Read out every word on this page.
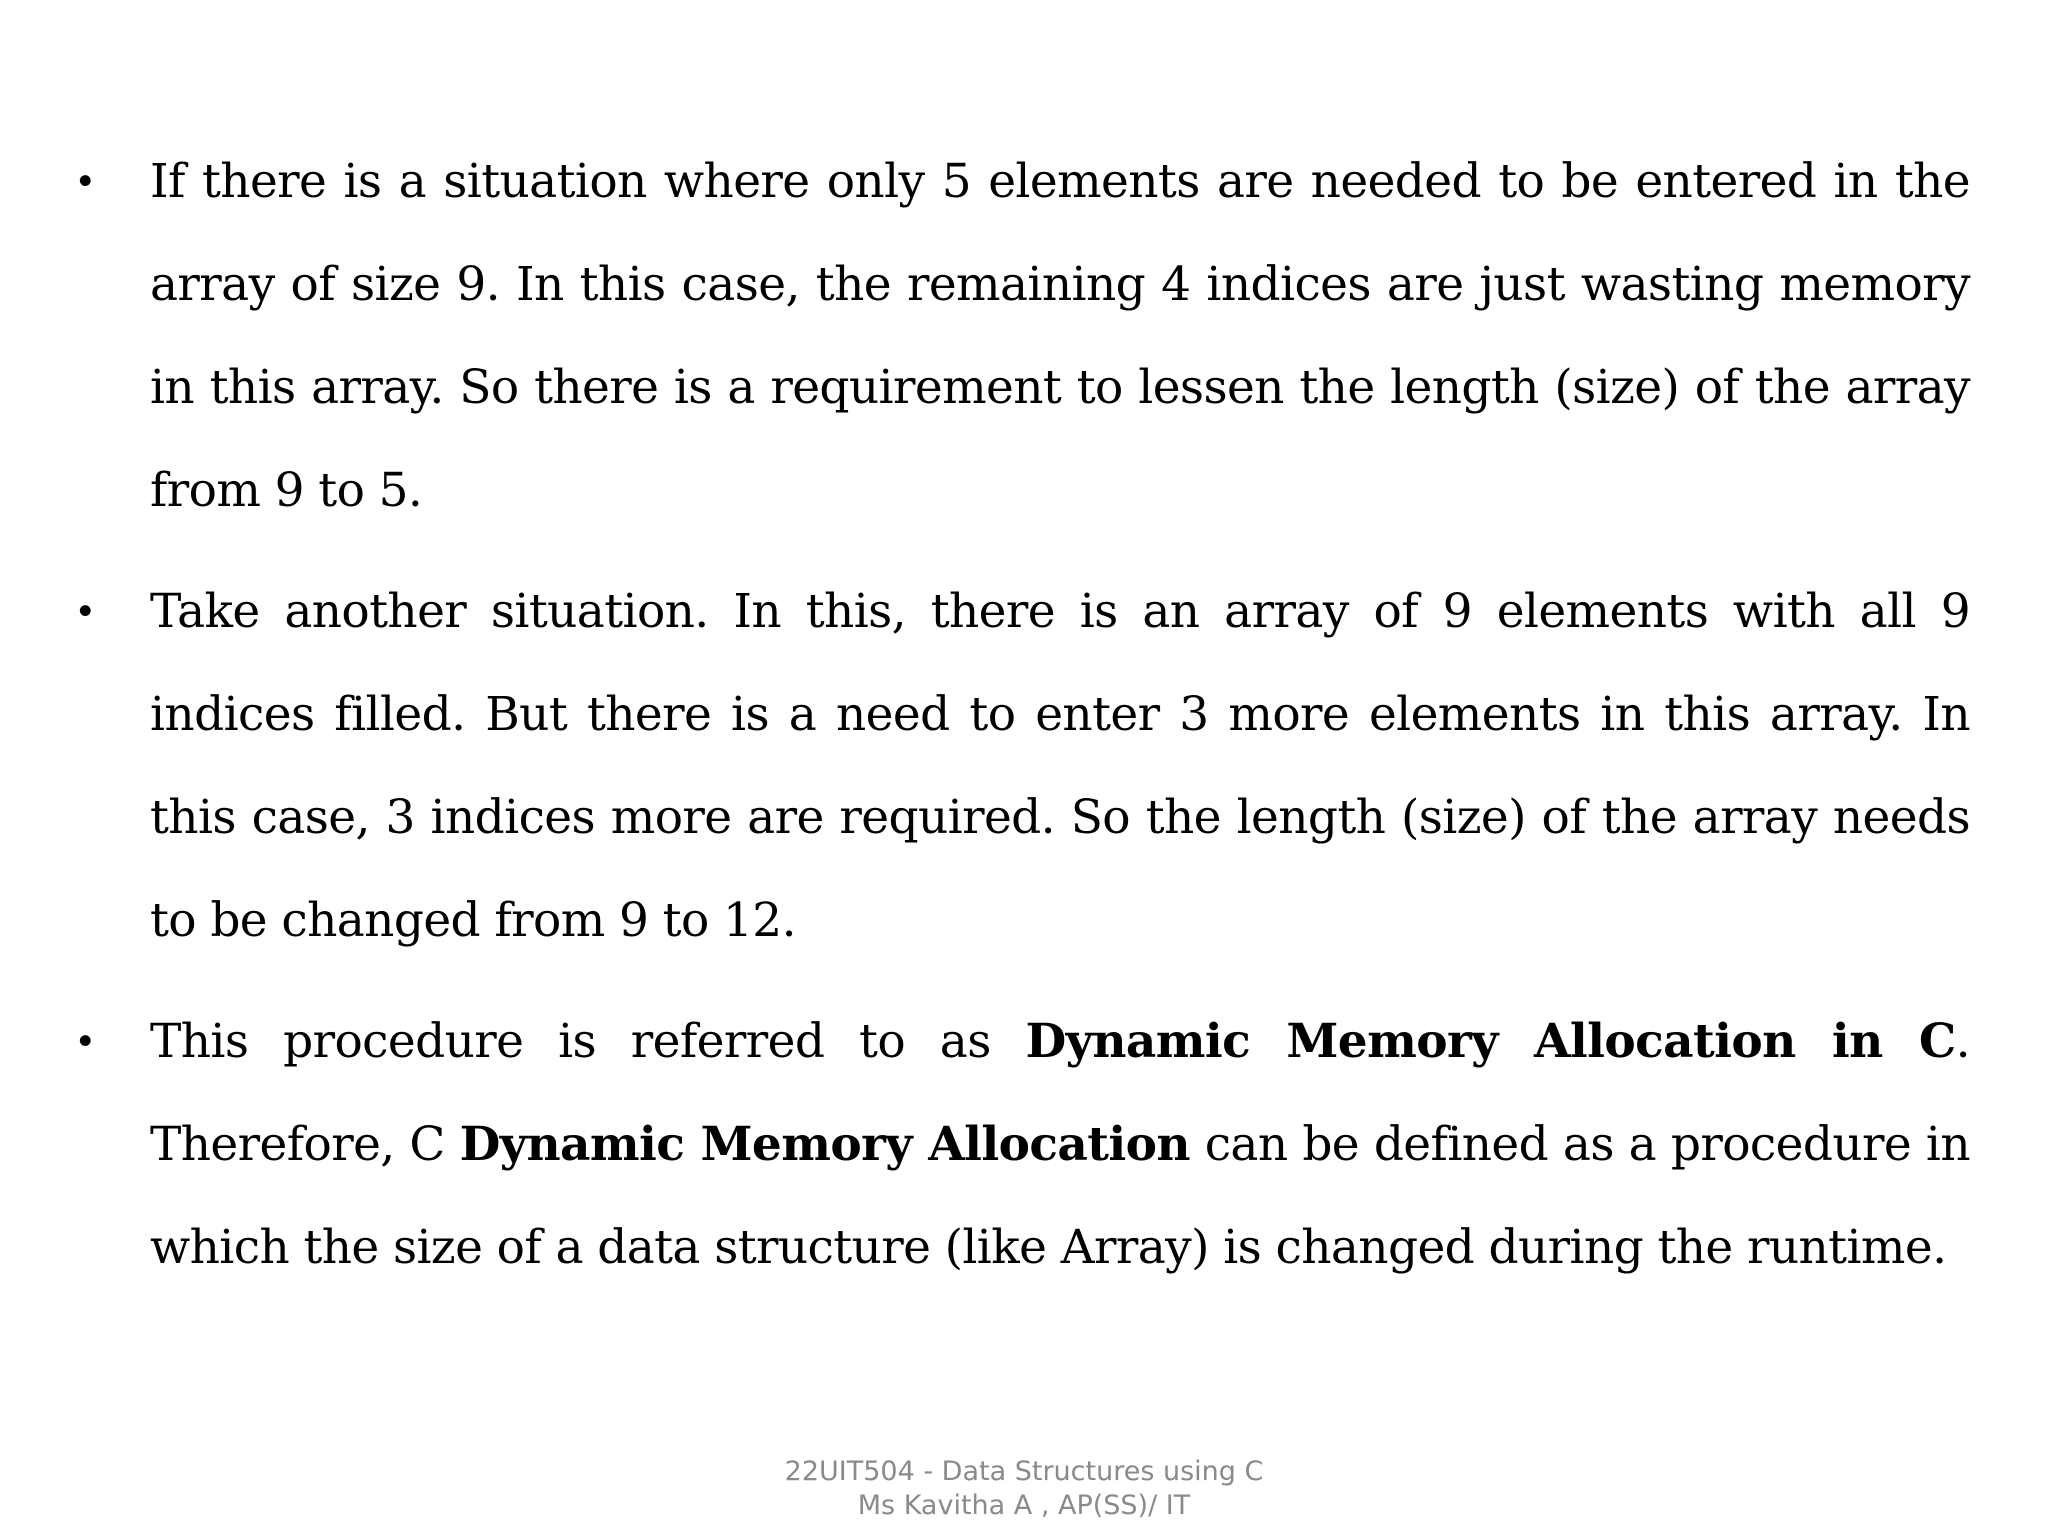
• If there is a situation where only 5 elements are needed to be entered in the array of size 9. In this case, the remaining 4 indices are just wasting memory in this array. So there is a requirement to lessen the length (size) of the array from 9 to 5.
• Take another situation. In this, there is an array of 9 elements with all 9 indices filled. But there is a need to enter 3 more elements in this array. In this case, 3 indices more are required. So the length (size) of the array needs to be changed from 9 to 12.
• This procedure is referred to as Dynamic Memory Allocation in C. Therefore, C Dynamic Memory Allocation can be defined as a procedure in which the size of a data structure (like Array) is changed during the runtime.
22UIT504 - Data Structures using C
Ms Kavitha A , AP(SS)/ IT
